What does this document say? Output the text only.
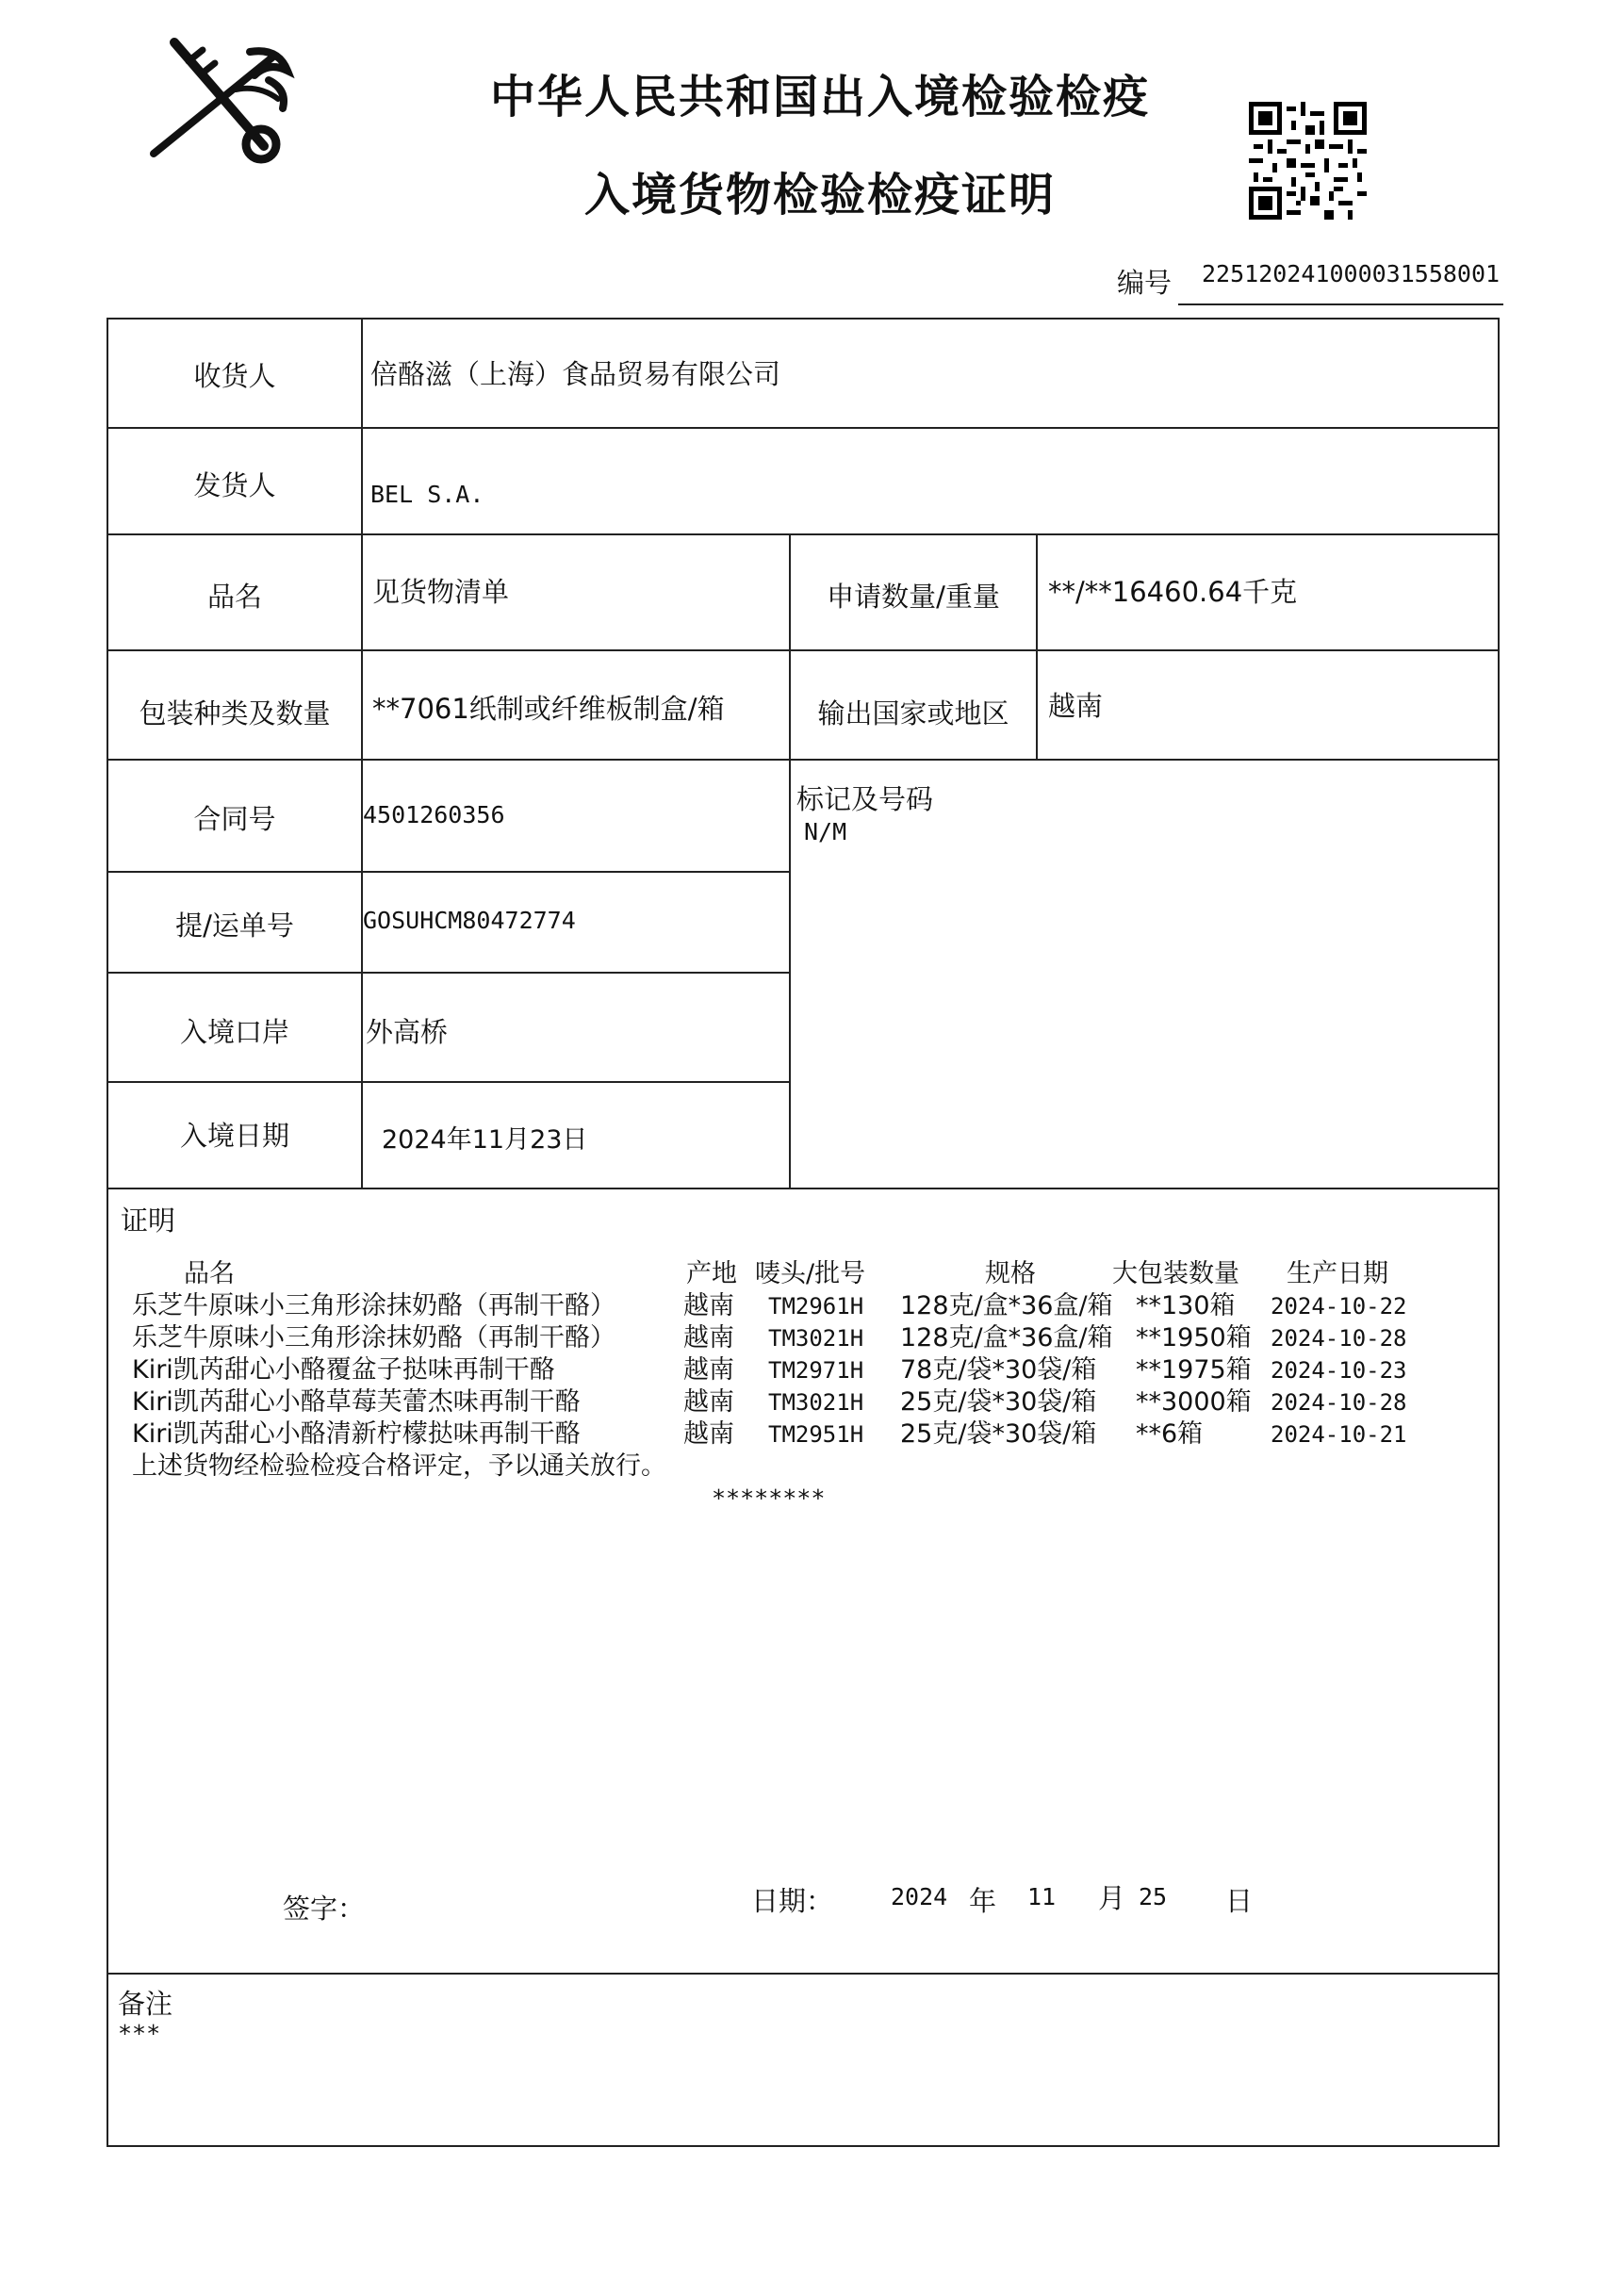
中华人民共和国出入境检验检疫
入境货物检验检疫证明
编号 225120241000031558001
收货人	倍酪滋（上海）食品贸易有限公司
发货人	BEL S.A.
品名	见货物清单	申请数量/重量	**/**16460.64千克
包装种类及数量	**7061纸制或纤维板制盒/箱	输出国家或地区	越南
合同号	4501260356	标记及号码
N/M
提/运单号	GOSUHCM80472774
入境口岸	外高桥
入境日期	2024年11月23日
证明
品名	产地 唛头/批号	规格	大包装数量 生产日期
乐芝牛原味小三角形涂抹奶酪（再制干酪）	越南 TM2961H 128克/盒*36盒/箱 **130箱 2024-10-22
乐芝牛原味小三角形涂抹奶酪（再制干酪）	越南 TM3021H 128克/盒*36盒/箱 **1950箱 2024-10-28
Kiri凯芮甜心小酪覆盆子挞味再制干酪	越南 TM2971H 78克/袋*30袋/箱 **1975箱 2024-10-23
Kiri凯芮甜心小酪草莓芙蕾杰味再制干酪	越南 TM3021H 25克/袋*30袋/箱 **3000箱 2024-10-28
Kiri凯芮甜心小酪清新柠檬挞味再制干酪	越南 TM2951H 25克/袋*30袋/箱 **6箱	2024-10-21
上述货物经检验检疫合格评定，予以通关放行。
********
签字：	日期： 2024 年 11 月 25 日
备注
***
